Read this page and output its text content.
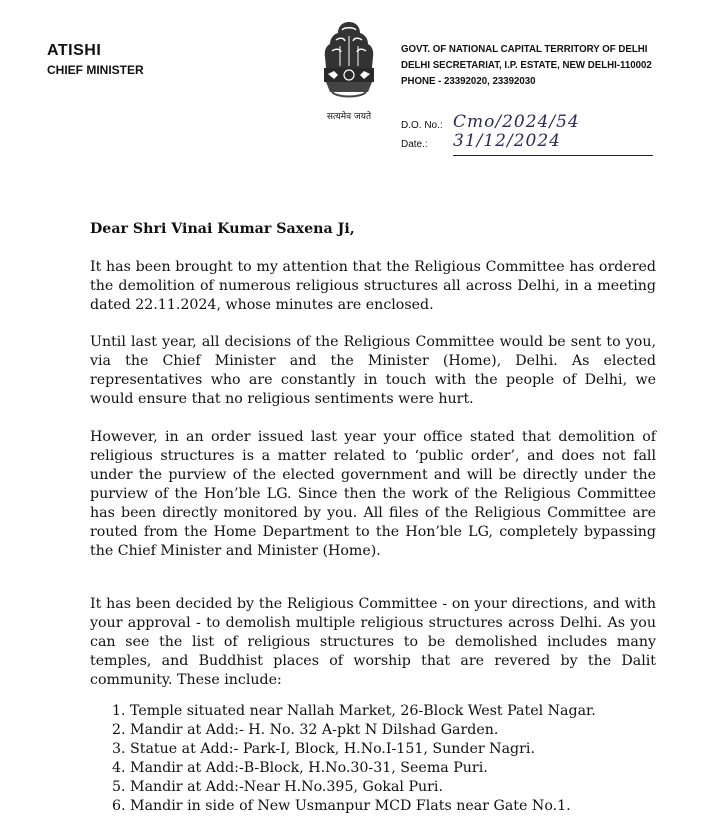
ATISHI
CHIEF MINISTER
सत्यमेव जयते
GOVT. OF NATIONAL CAPITAL TERRITORY OF DELHI
DELHI SECRETARIAT, I.P. ESTATE, NEW DELHI-110002
PHONE - 23392020, 23392030
D.O. No.: Cmo/2024/54
Date.:	31/12/2024
Dear Shri Vinai Kumar Saxena Ji,

It has been brought to my attention that the Religious Committee has ordered the demolition of numerous religious structures all across Delhi, in a meeting dated 22.11.2024, whose minutes are enclosed.

Until last year, all decisions of the Religious Committee would be sent to you, via the Chief Minister and the Minister (Home), Delhi. As elected representatives who are constantly in touch with the people of Delhi, we would ensure that no religious sentiments were hurt.

However, in an order issued last year your office stated that demolition of religious structures is a matter related to ‘public order’, and does not fall under the purview of the elected government and will be directly under the purview of the Hon’ble LG. Since then the work of the Religious Committee has been directly monitored by you. All files of the Religious Committee are routed from the Home Department to the Hon’ble LG, completely bypassing the Chief Minister and Minister (Home).

It has been decided by the Religious Committee - on your directions, and with your approval - to demolish multiple religious structures across Delhi. As you can see the list of religious structures to be demolished includes many temples, and Buddhist places of worship that are revered by the Dalit community. These include:

1. Temple situated near Nallah Market, 26-Block West Patel Nagar.
2. Mandir at Add:- H. No. 32 A-pkt N Dilshad Garden.
3. Statue at Add:- Park-I, Block, H.No.I-151, Sunder Nagri.
4. Mandir at Add:-B-Block, H.No.30-31, Seema Puri.
5. Mandir at Add:-Near H.No.395, Gokal Puri.
6. Mandir in side of New Usmanpur MCD Flats near Gate No.1.
